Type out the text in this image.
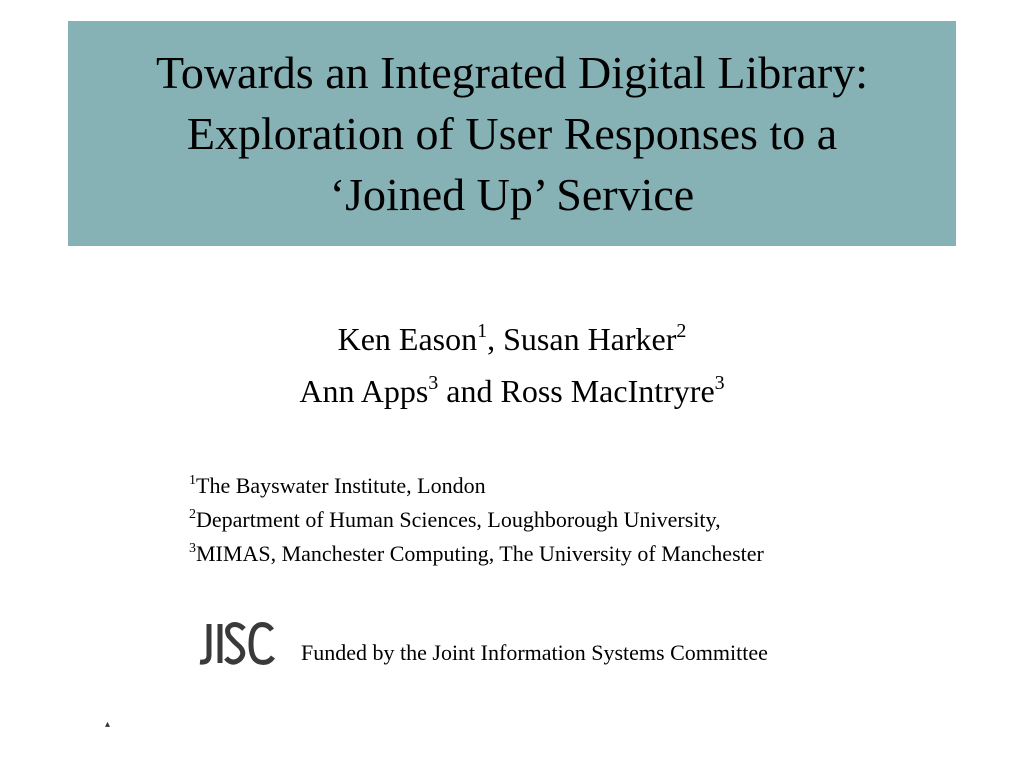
Towards an Integrated Digital Library:
Exploration of User Responses to a
‘Joined Up’ Service
Ken Eason$^1$, Susan Harker$^2$
Ann Apps$^3$ and Ross MacIntryre$^3$
$^1$The Bayswater Institute, London
$^2$Department of Human Sciences, Loughborough University,
$^3$MIMAS, Manchester Computing, The University of Manchester
Funded by the Joint Information Systems Committee
▴
